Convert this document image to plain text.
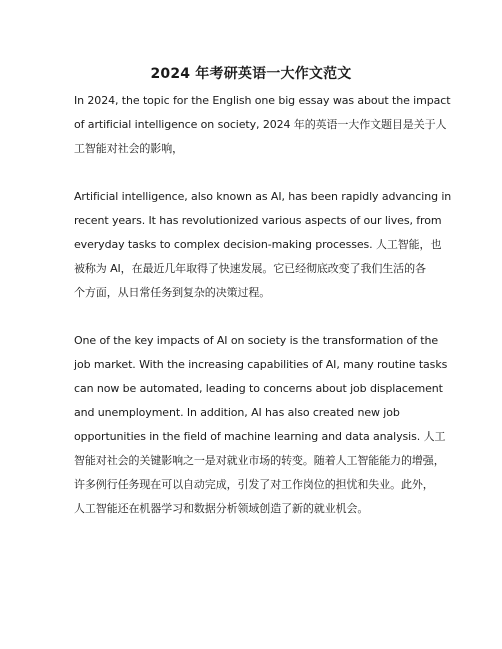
2024 年考研英语一大作文范文
In 2024, the topic for the English one big essay was about the impact
of artificial intelligence on society, 2024 年的英语一大作文题目是关于人
工智能对社会的影响，
Artificial intelligence, also known as AI, has been rapidly advancing in
recent years. It has revolutionized various aspects of our lives, from
everyday tasks to complex decision-making processes. 人工智能，也
被称为 AI，在最近几年取得了快速发展。它已经彻底改变了我们生活的各
个方面，从日常任务到复杂的决策过程。
One of the key impacts of AI on society is the transformation of the
job market. With the increasing capabilities of AI, many routine tasks
can now be automated, leading to concerns about job displacement
and unemployment. In addition, AI has also created new job
opportunities in the field of machine learning and data analysis. 人工
智能对社会的关键影响之一是对就业市场的转变。随着人工智能能力的增强，
许多例行任务现在可以自动完成，引发了对工作岗位的担忧和失业。此外，
人工智能还在机器学习和数据分析领域创造了新的就业机会。
